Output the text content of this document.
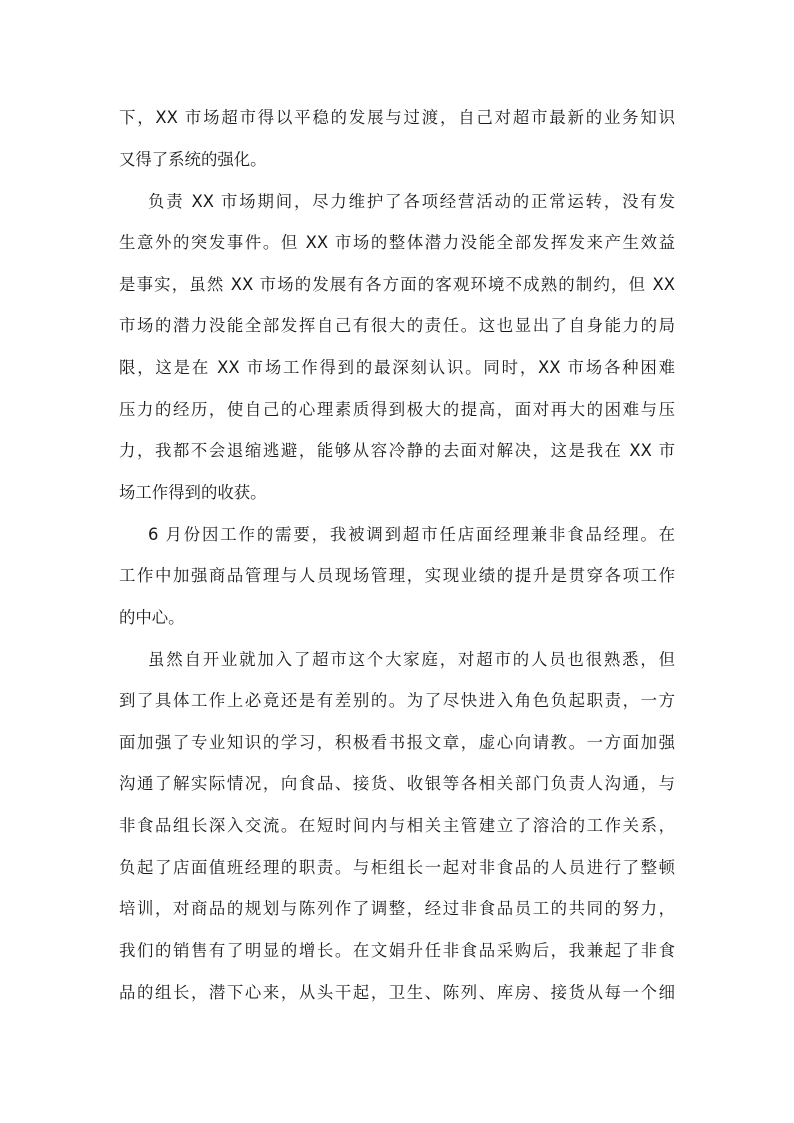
下，XX 市场超市得以平稳的发展与过渡，自己对超市最新的业务知识
又得了系统的强化。
负责 XX 市场期间，尽力维护了各项经营活动的正常运转，没有发
生意外的突发事件。但 XX 市场的整体潜力没能全部发挥发来产生效益
是事实，虽然 XX 市场的发展有各方面的客观环境不成熟的制约，但 XX
市场的潜力没能全部发挥自己有很大的责任。这也显出了自身能力的局
限，这是在 XX 市场工作得到的最深刻认识。同时，XX 市场各种困难
压力的经历，使自己的心理素质得到极大的提高，面对再大的困难与压
力，我都不会退缩逃避，能够从容冷静的去面对解决，这是我在 XX 市
场工作得到的收获。
6 月份因工作的需要，我被调到超市任店面经理兼非食品经理。在
工作中加强商品管理与人员现场管理，实现业绩的提升是贯穿各项工作
的中心。
虽然自开业就加入了超市这个大家庭，对超市的人员也很熟悉，但
到了具体工作上必竟还是有差别的。为了尽快进入角色负起职责，一方
面加强了专业知识的学习，积极看书报文章，虚心向请教。一方面加强
沟通了解实际情况，向食品、接货、收银等各相关部门负责人沟通，与
非食品组长深入交流。在短时间内与相关主管建立了溶洽的工作关系，
负起了店面值班经理的职责。与柜组长一起对非食品的人员进行了整顿
培训，对商品的规划与陈列作了调整，经过非食品员工的共同的努力，
我们的销售有了明显的增长。在文娟升任非食品采购后，我兼起了非食
品的组长，潜下心来，从头干起，卫生、陈列、库房、接货从每一个细
